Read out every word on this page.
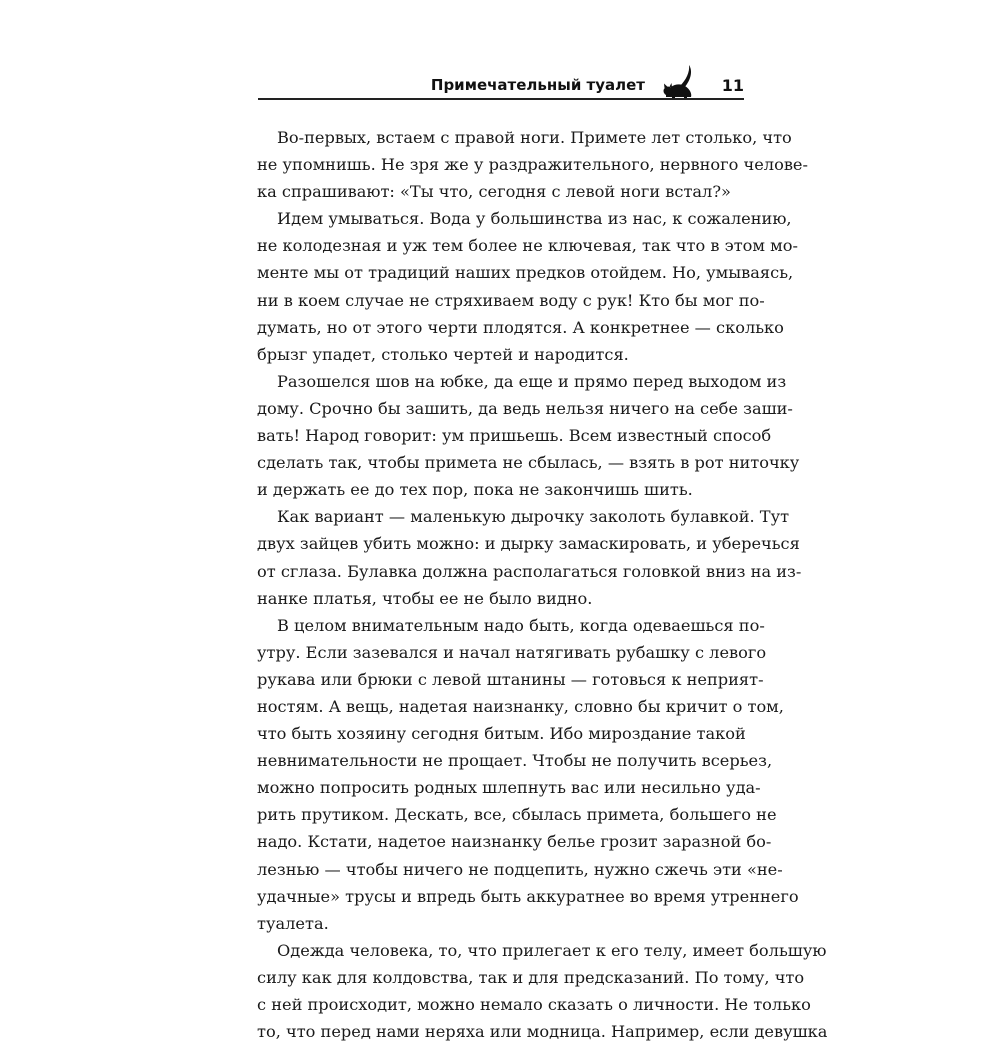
Примечательный туалет	11

Во-первых, встаем с правой ноги. Примете лет столько, что
не упомнишь. Не зря же у раздражительного, нервного челове-
ка спрашивают: «Ты что, сегодня с левой ноги встал?»

Идем умываться. Вода у большинства из нас, к сожалению,
не колодезная и уж тем более не ключевая, так что в этом мо-
менте мы от традиций наших предков отойдем. Но, умываясь,
ни в коем случае не стряхиваем воду с рук! Кто бы мог по-
думать, но от этого черти плодятся. А конкретнее — сколько
брызг упадет, столько чертей и народится.

Разошелся шов на юбке, да еще и прямо перед выходом из
дому. Срочно бы зашить, да ведь нельзя ничего на себе заши-
вать! Народ говорит: ум пришьешь. Всем известный способ
сделать так, чтобы примета не сбылась, — взять в рот ниточку
и держать ее до тех пор, пока не закончишь шить.

Как вариант — маленькую дырочку заколоть булавкой. Тут
двух зайцев убить можно: и дырку замаскировать, и уберечься
от сглаза. Булавка должна располагаться головкой вниз на из-
нанке платья, чтобы ее не было видно.

В целом внимательным надо быть, когда одеваешься по-
утру. Если зазевался и начал натягивать рубашку с левого
рукава или брюки с левой штанины — готовься к неприят-
ностям. А вещь, надетая наизнанку, словно бы кричит о том,
что быть хозяину сегодня битым. Ибо мироздание такой
невнимательности не прощает. Чтобы не получить всерьез,
можно попросить родных шлепнуть вас или несильно уда-
рить прутиком. Дескать, все, сбылась примета, большего не
надо. Кстати, надетое наизнанку белье грозит заразной бо-
лезнью — чтобы ничего не подцепить, нужно сжечь эти «не-
удачные» трусы и впредь быть аккуратнее во время утреннего
туалета.

Одежда человека, то, что прилегает к его телу, имеет большую
силу как для колдовства, так и для предсказаний. По тому, что
с ней происходит, можно немало сказать о личности. Не только
то, что перед нами неряха или модница. Например, если девушка
